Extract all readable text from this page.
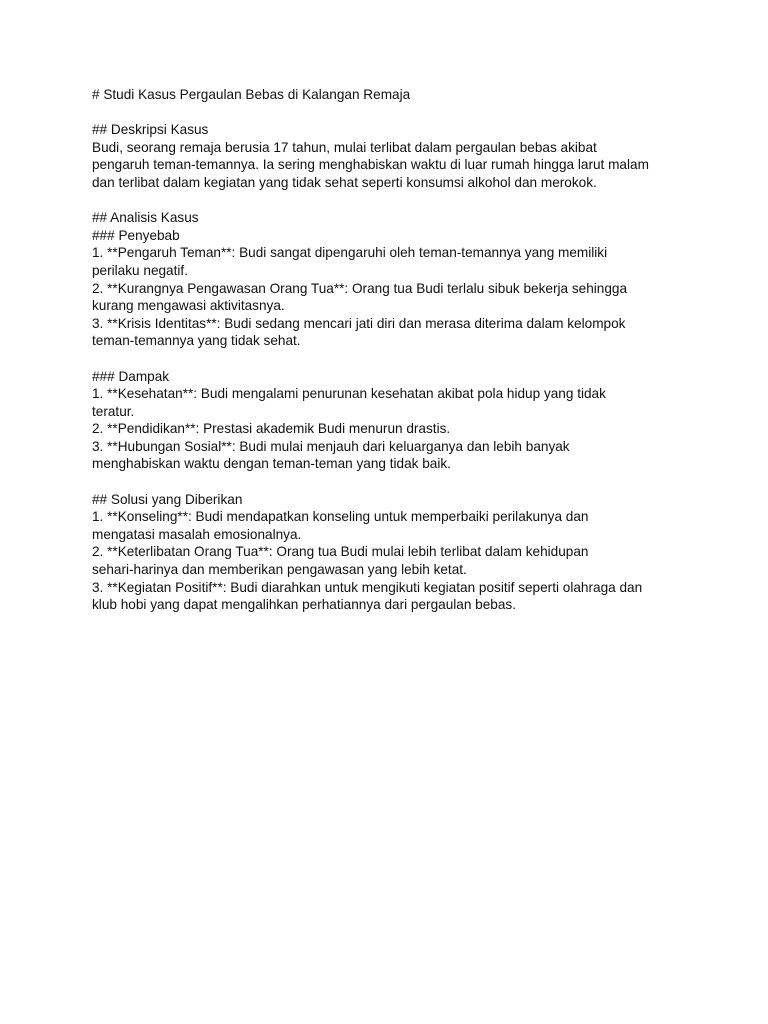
# Studi Kasus Pergaulan Bebas di Kalangan Remaja
## Deskripsi Kasus
Budi, seorang remaja berusia 17 tahun, mulai terlibat dalam pergaulan bebas akibat
pengaruh teman-temannya. Ia sering menghabiskan waktu di luar rumah hingga larut malam
dan terlibat dalam kegiatan yang tidak sehat seperti konsumsi alkohol dan merokok.
## Analisis Kasus
### Penyebab
1. **Pengaruh Teman**: Budi sangat dipengaruhi oleh teman-temannya yang memiliki
perilaku negatif.
2. **Kurangnya Pengawasan Orang Tua**: Orang tua Budi terlalu sibuk bekerja sehingga
kurang mengawasi aktivitasnya.
3. **Krisis Identitas**: Budi sedang mencari jati diri dan merasa diterima dalam kelompok
teman-temannya yang tidak sehat.
### Dampak
1. **Kesehatan**: Budi mengalami penurunan kesehatan akibat pola hidup yang tidak
teratur.
2. **Pendidikan**: Prestasi akademik Budi menurun drastis.
3. **Hubungan Sosial**: Budi mulai menjauh dari keluarganya dan lebih banyak
menghabiskan waktu dengan teman-teman yang tidak baik.
## Solusi yang Diberikan
1. **Konseling**: Budi mendapatkan konseling untuk memperbaiki perilakunya dan
mengatasi masalah emosionalnya.
2. **Keterlibatan Orang Tua**: Orang tua Budi mulai lebih terlibat dalam kehidupan
sehari-harinya dan memberikan pengawasan yang lebih ketat.
3. **Kegiatan Positif**: Budi diarahkan untuk mengikuti kegiatan positif seperti olahraga dan
klub hobi yang dapat mengalihkan perhatiannya dari pergaulan bebas.
